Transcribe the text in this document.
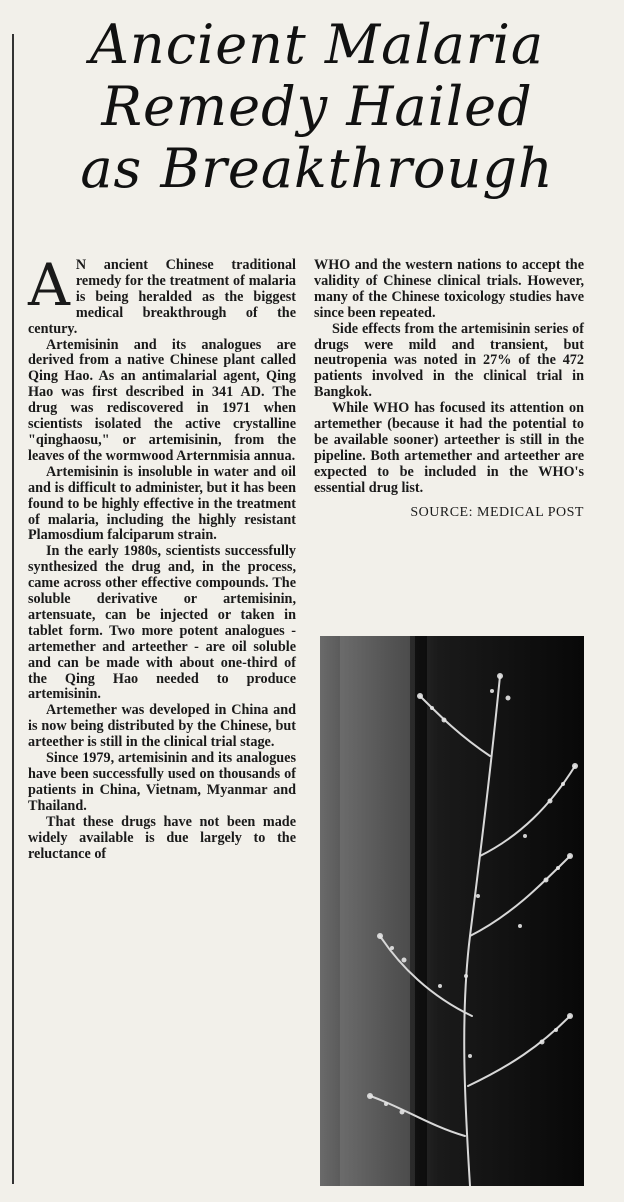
Ancient Malaria
Remedy Hailed
as Breakthrough

A N ancient Chinese traditional remedy for the treatment of malaria is being heralded as the biggest medical breakthrough of the century.

Artemisinin and its analogues are derived from a native Chinese plant called Qing Hao. As an antimalarial agent, Qing Hao was first described in 341 AD. The drug was rediscovered in 1971 when scientists isolated the active crystalline "qinghaosu," or artemisinin, from the leaves of the wormwood Arternmisia annua.

Artemisinin is insoluble in water and oil and is difficult to administer, but it has been found to be highly effective in the treatment of malaria, including the highly resistant Plamosdium falciparum strain.

In the early 1980s, scientists successfully synthesized the drug and, in the process, came across other effective compounds. The soluble derivative or artemisinin, artensuate, can be injected or taken in tablet form. Two more potent analogues - artemether and arteether - are oil soluble and can be made with about one-third of the Qing Hao needed to produce artemisinin.

Artemether was developed in China and is now being distributed by the Chinese, but arteether is still in the clinical trial stage.

Since 1979, artemisinin and its analogues have been successfully used on thousands of patients in China, Vietnam, Myanmar and Thailand.

That these drugs have not been made widely available is due largely to the reluctance of

WHO and the western nations to accept the validity of Chinese clinical trials. However, many of the Chinese toxicology studies have since been repeated.

Side effects from the artemisinin series of drugs were mild and transient, but neutropenia was noted in 27% of the 472 patients involved in the clinical trial in Bangkok.

While WHO has focused its attention on artemether (because it had the potential to be available sooner) arteether is still in the pipeline. Both artemether and arteether are expected to be included in the WHO's essential drug list.

SOURCE: MEDICAL POST
